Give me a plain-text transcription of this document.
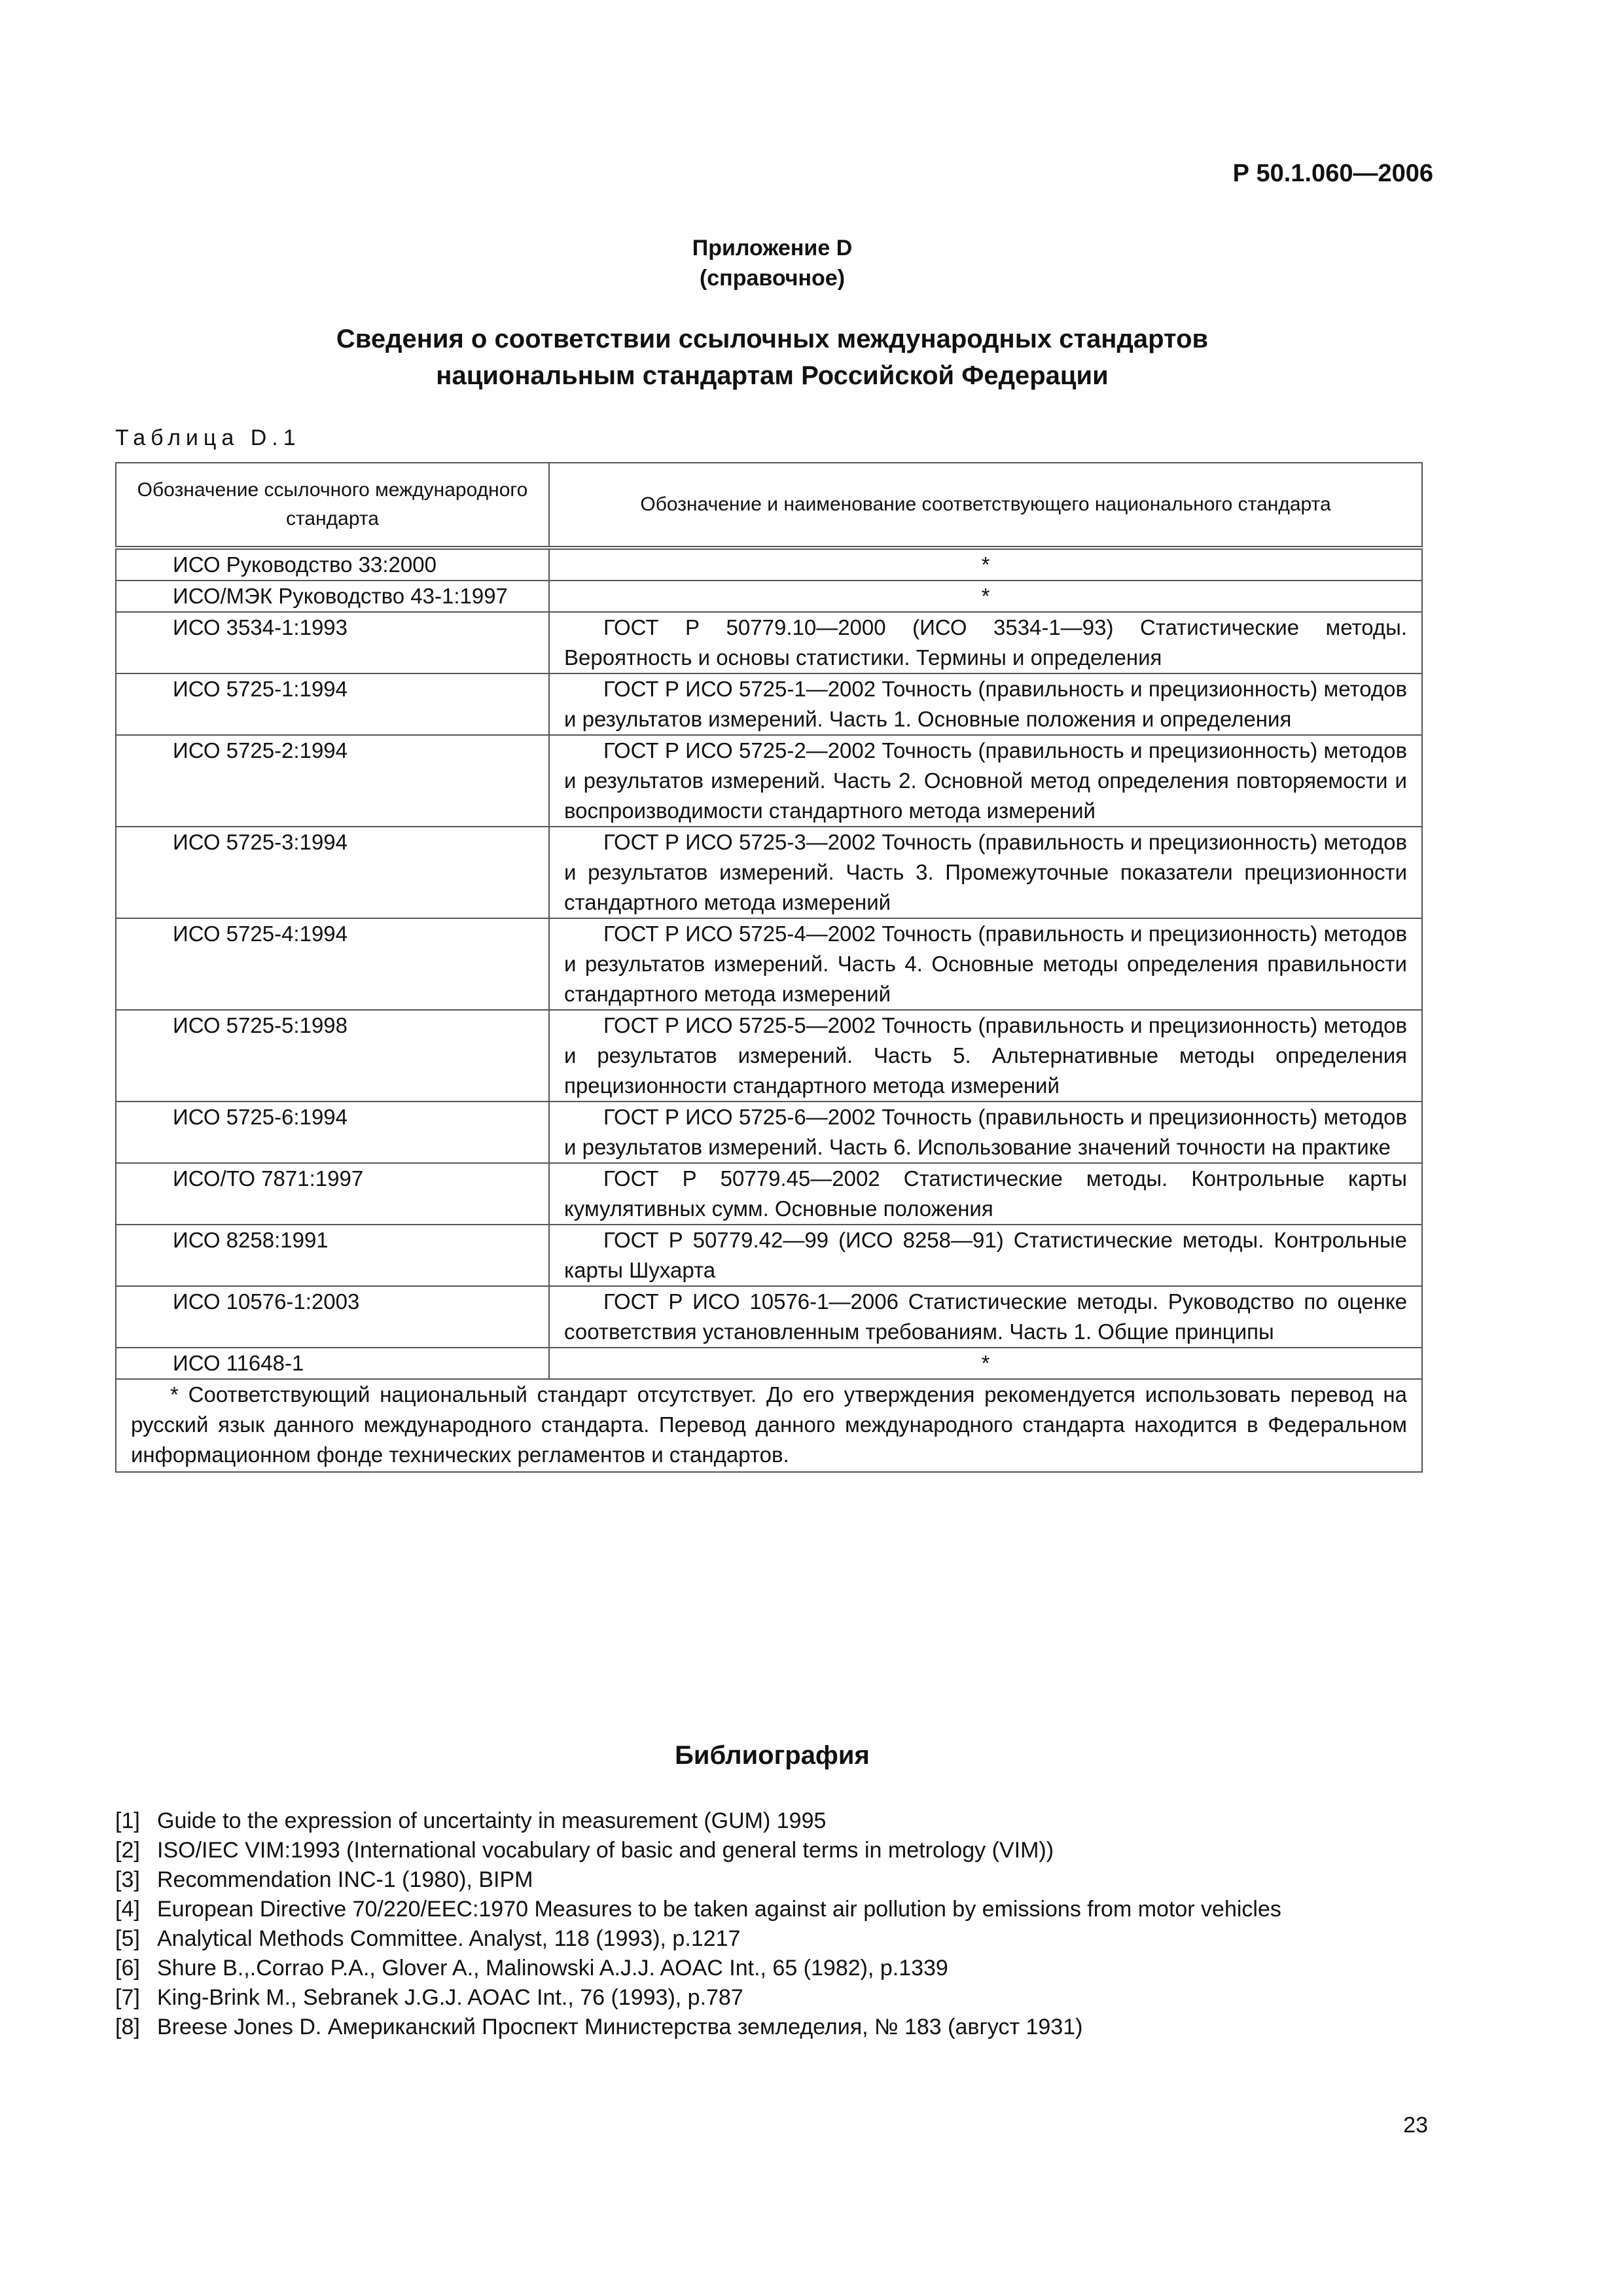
Р 50.1.060—2006
Приложение D
(справочное)
Сведения о соответствии ссылочных международных стандартов
национальным стандартам Российской Федерации
Таблица D.1
Обозначение ссылочного международного стандарта	Обозначение и наименование соответствующего национального стандарта
ИСО Руководство 33:2000	*
ИСО/МЭК Руководство 43-1:1997	*
ИСО 3534-1:1993	ГОСТ Р 50779.10—2000 (ИСО 3534-1—93) Статистические методы. Вероятность и основы статистики. Термины и определения
ИСО 5725-1:1994	ГОСТ Р ИСО 5725-1—2002 Точность (правильность и прецизионность) методов и результатов измерений. Часть 1. Основные положения и определения
ИСО 5725-2:1994	ГОСТ Р ИСО 5725-2—2002 Точность (правильность и прецизионность) методов и результатов измерений. Часть 2. Основной метод определения повторяемости и воспроизводимости стандартного метода измерений
ИСО 5725-3:1994	ГОСТ Р ИСО 5725-3—2002 Точность (правильность и прецизионность) методов и результатов измерений. Часть 3. Промежуточные показатели прецизионности стандартного метода измерений
ИСО 5725-4:1994	ГОСТ Р ИСО 5725-4—2002 Точность (правильность и прецизионность) методов и результатов измерений. Часть 4. Основные методы определения правильности стандартного метода измерений
ИСО 5725-5:1998	ГОСТ Р ИСО 5725-5—2002 Точность (правильность и прецизионность) методов и результатов измерений. Часть 5. Альтернативные методы определения прецизионности стандартного метода измерений
ИСО 5725-6:1994	ГОСТ Р ИСО 5725-6—2002 Точность (правильность и прецизионность) методов и результатов измерений. Часть 6. Использование значений точности на практике
ИСО/ТО 7871:1997	ГОСТ Р 50779.45—2002 Статистические методы. Контрольные карты кумулятивных сумм. Основные положения
ИСО 8258:1991	ГОСТ Р 50779.42—99 (ИСО 8258—91) Статистические методы. Контрольные карты Шухарта
ИСО 10576-1:2003	ГОСТ Р ИСО 10576-1—2006 Статистические методы. Руководство по оценке соответствия установленным требованиям. Часть 1. Общие принципы
ИСО 11648-1	*
* Соответствующий национальный стандарт отсутствует. До его утверждения рекомендуется использовать перевод на русский язык данного международного стандарта. Перевод данного международного стандарта находится в Федеральном информационном фонде технических регламентов и стандартов.	
Библиография
[1] Guide to the expression of uncertainty in measurement (GUM) 1995
[2] ISO/IEC VIM:1993 (International vocabulary of basic and general terms in metrology (VIM))
[3] Recommendation INC-1 (1980), BIPM
[4] European Directive 70/220/EEC:1970 Measures to be taken against air pollution by emissions from motor vehicles
[5] Analytical Methods Committee. Analyst, 118 (1993), p.1217
[6] Shure B.,.Corrao P.A., Glover A., Malinowski A.J.J. AOAC Int., 65 (1982), p.1339
[7] King-Brink M., Sebranek J.G.J. AOAC Int., 76 (1993), p.787
[8] Breese Jones D. Американский Проспект Министерства земледелия, № 183 (август 1931)
23
